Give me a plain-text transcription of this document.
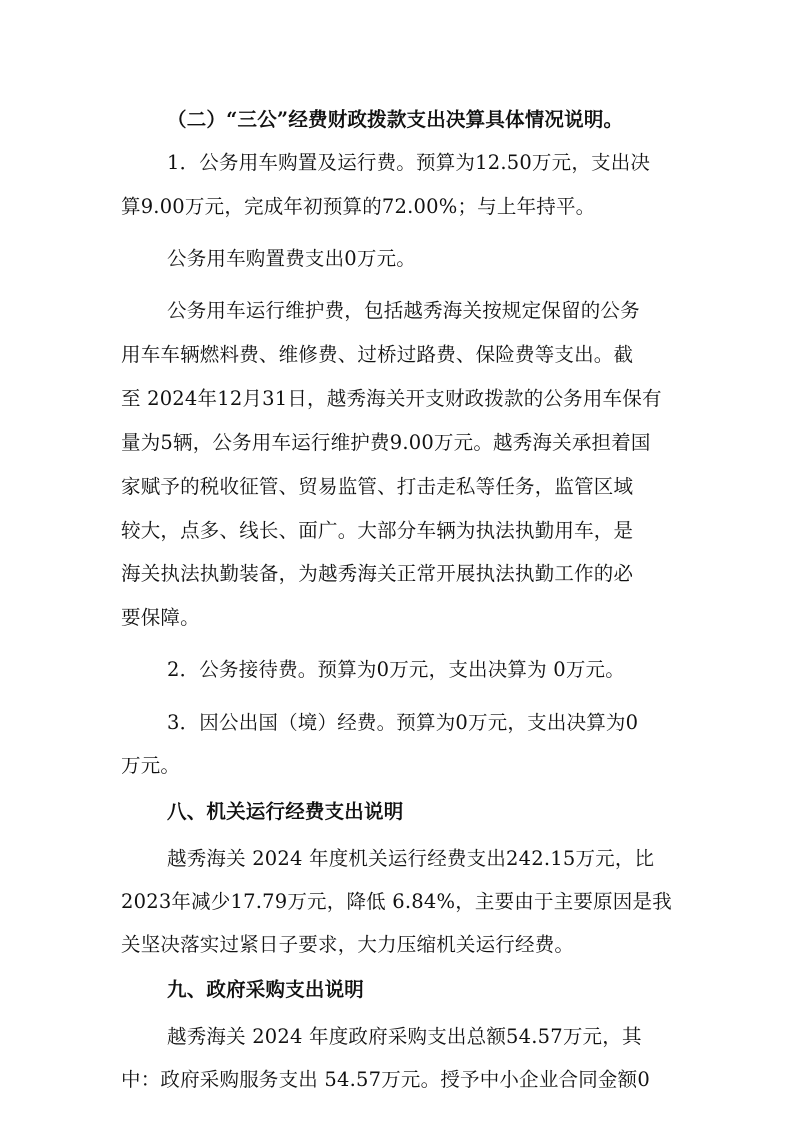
（二）“三公”经费财政拨款支出决算具体情况说明。
1．公务用车购置及运行费。预算为12.50万元，支出决
算9.00万元，完成年初预算的72.00%；与上年持平。
公务用车购置费支出0万元。
公务用车运行维护费，包括越秀海关按规定保留的公务
用车车辆燃料费、维修费、过桥过路费、保险费等支出。截
至 2024年12月31日，越秀海关开支财政拨款的公务用车保有
量为5辆，公务用车运行维护费9.00万元。越秀海关承担着国
家赋予的税收征管、贸易监管、打击走私等任务，监管区域
较大，点多、线长、面广。大部分车辆为执法执勤用车，是
海关执法执勤装备，为越秀海关正常开展执法执勤工作的必
要保障。
2．公务接待费。预算为0万元，支出决算为 0万元。
3．因公出国（境）经费。预算为0万元，支出决算为0
万元。
八、机关运行经费支出说明
越秀海关 2024 年度机关运行经费支出242.15万元，比
2023年减少17.79万元，降低 6.84%，主要由于主要原因是我
关坚决落实过紧日子要求，大力压缩机关运行经费。
九、政府采购支出说明
越秀海关 2024 年度政府采购支出总额54.57万元，其
中：政府采购服务支出 54.57万元。授予中小企业合同金额0
